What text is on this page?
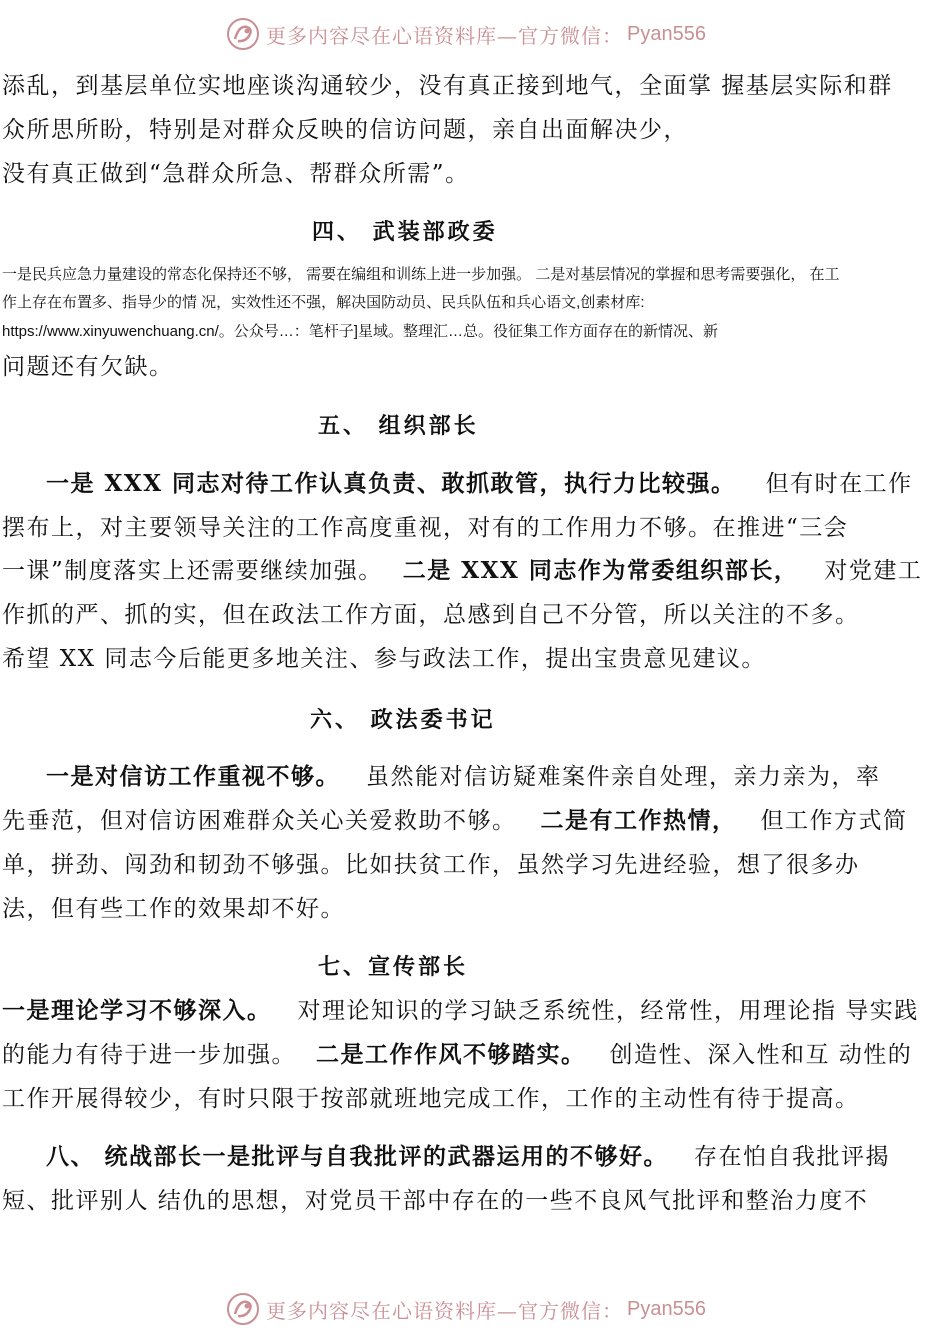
更多内容尽在心语资料库—官方微信： Pyan556
添乱，到基层单位实地座谈沟通较少，没有真正接到地气，全面掌 握基层实际和群
众所思所盼，特别是对群众反映的信访问题，亲自出面解决少，
没有真正做到“急群众所急、帮群众所需”。
四、 武装部政委
一是民兵应急力量建设的常态化保持还不够， 需要在编组和训练上进一步加强。 二是对基层情况的掌握和思考需要强化， 在工
作上存在布置多、指导少的情 况，实效性还不强，解决国防动员、民兵队伍和兵心语文,创素材库:
https://www.xinyuwenchuang.cn/。公众号…：笔杆子]星域。整理汇…总。役征集工作方面存在的新情况、新
问题还有欠缺。
五、 组织部长
一是 XXX 同志对待工作认真负责、敢抓敢管，执行力比较强。 但有时在工作
摆布上，对主要领导关注的工作高度重视，对有的工作用力不够。在推进“三会
一课”制度落实上还需要继续加强。 二是 XXX 同志作为常委组织部长， 对党建工
作抓的严、抓的实，但在政法工作方面，总感到自己不分管，所以关注的不多。
希望 XX 同志今后能更多地关注、参与政法工作，提出宝贵意见建议。
六、 政法委书记
一是对信访工作重视不够。 虽然能对信访疑难案件亲自处理，亲力亲为，率
先垂范，但对信访困难群众关心关爱救助不够。 二是有工作热情， 但工作方式简
单，拼劲、闯劲和韧劲不够强。比如扶贫工作，虽然学习先进经验，想了很多办
法，但有些工作的效果却不好。
七、宣传部长
一是理论学习不够深入。 对理论知识的学习缺乏系统性，经常性，用理论指 导实践
的能力有待于进一步加强。 二是工作作风不够踏实。 创造性、深入性和互 动性的
工作开展得较少，有时只限于按部就班地完成工作，工作的主动性有待于提高。
八、 统战部长一是批评与自我批评的武器运用的不够好。 存在怕自我批评揭
短、批评别人 结仇的思想，对党员干部中存在的一些不良风气批评和整治力度不
更多内容尽在心语资料库—官方微信： Pyan556
